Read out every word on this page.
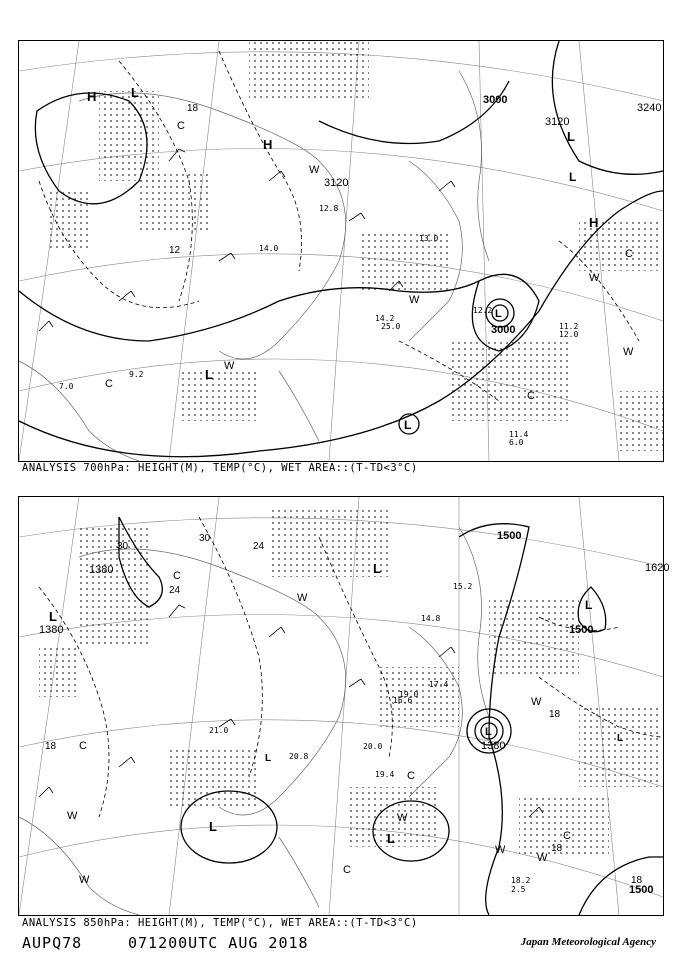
3000
3120
3240
3000
3120
H	L
H
L
H
L
L
L
L
C
W
W
W
C
W
W
C
C
18
12
12.8
14.0
13.0
25.0
14.2
12.2
11.2
12.0
11.4
6.0
7.0
9.2
ANALYSIS 700hPa: HEIGHT(M), TEMP(°C), WET AREA::(T-TD<3°C)
1380
1380
1500
1500
1380
1500
1620
L
L
L
L
L
L
L
L
C
W
C
W
W
W
C
W
W
W
C
C
30
30
24
24
18
18
18
18
21.0
20.8
19.4
20.0
17.4
16.6
18.2
2.5
15.2
14.8
19.0
ANALYSIS 850hPa: HEIGHT(M), TEMP(°C), WET AREA::(T-TD<3°C)
AUPQ78	071200UTC AUG 2018	Japan Meteorological Agency
